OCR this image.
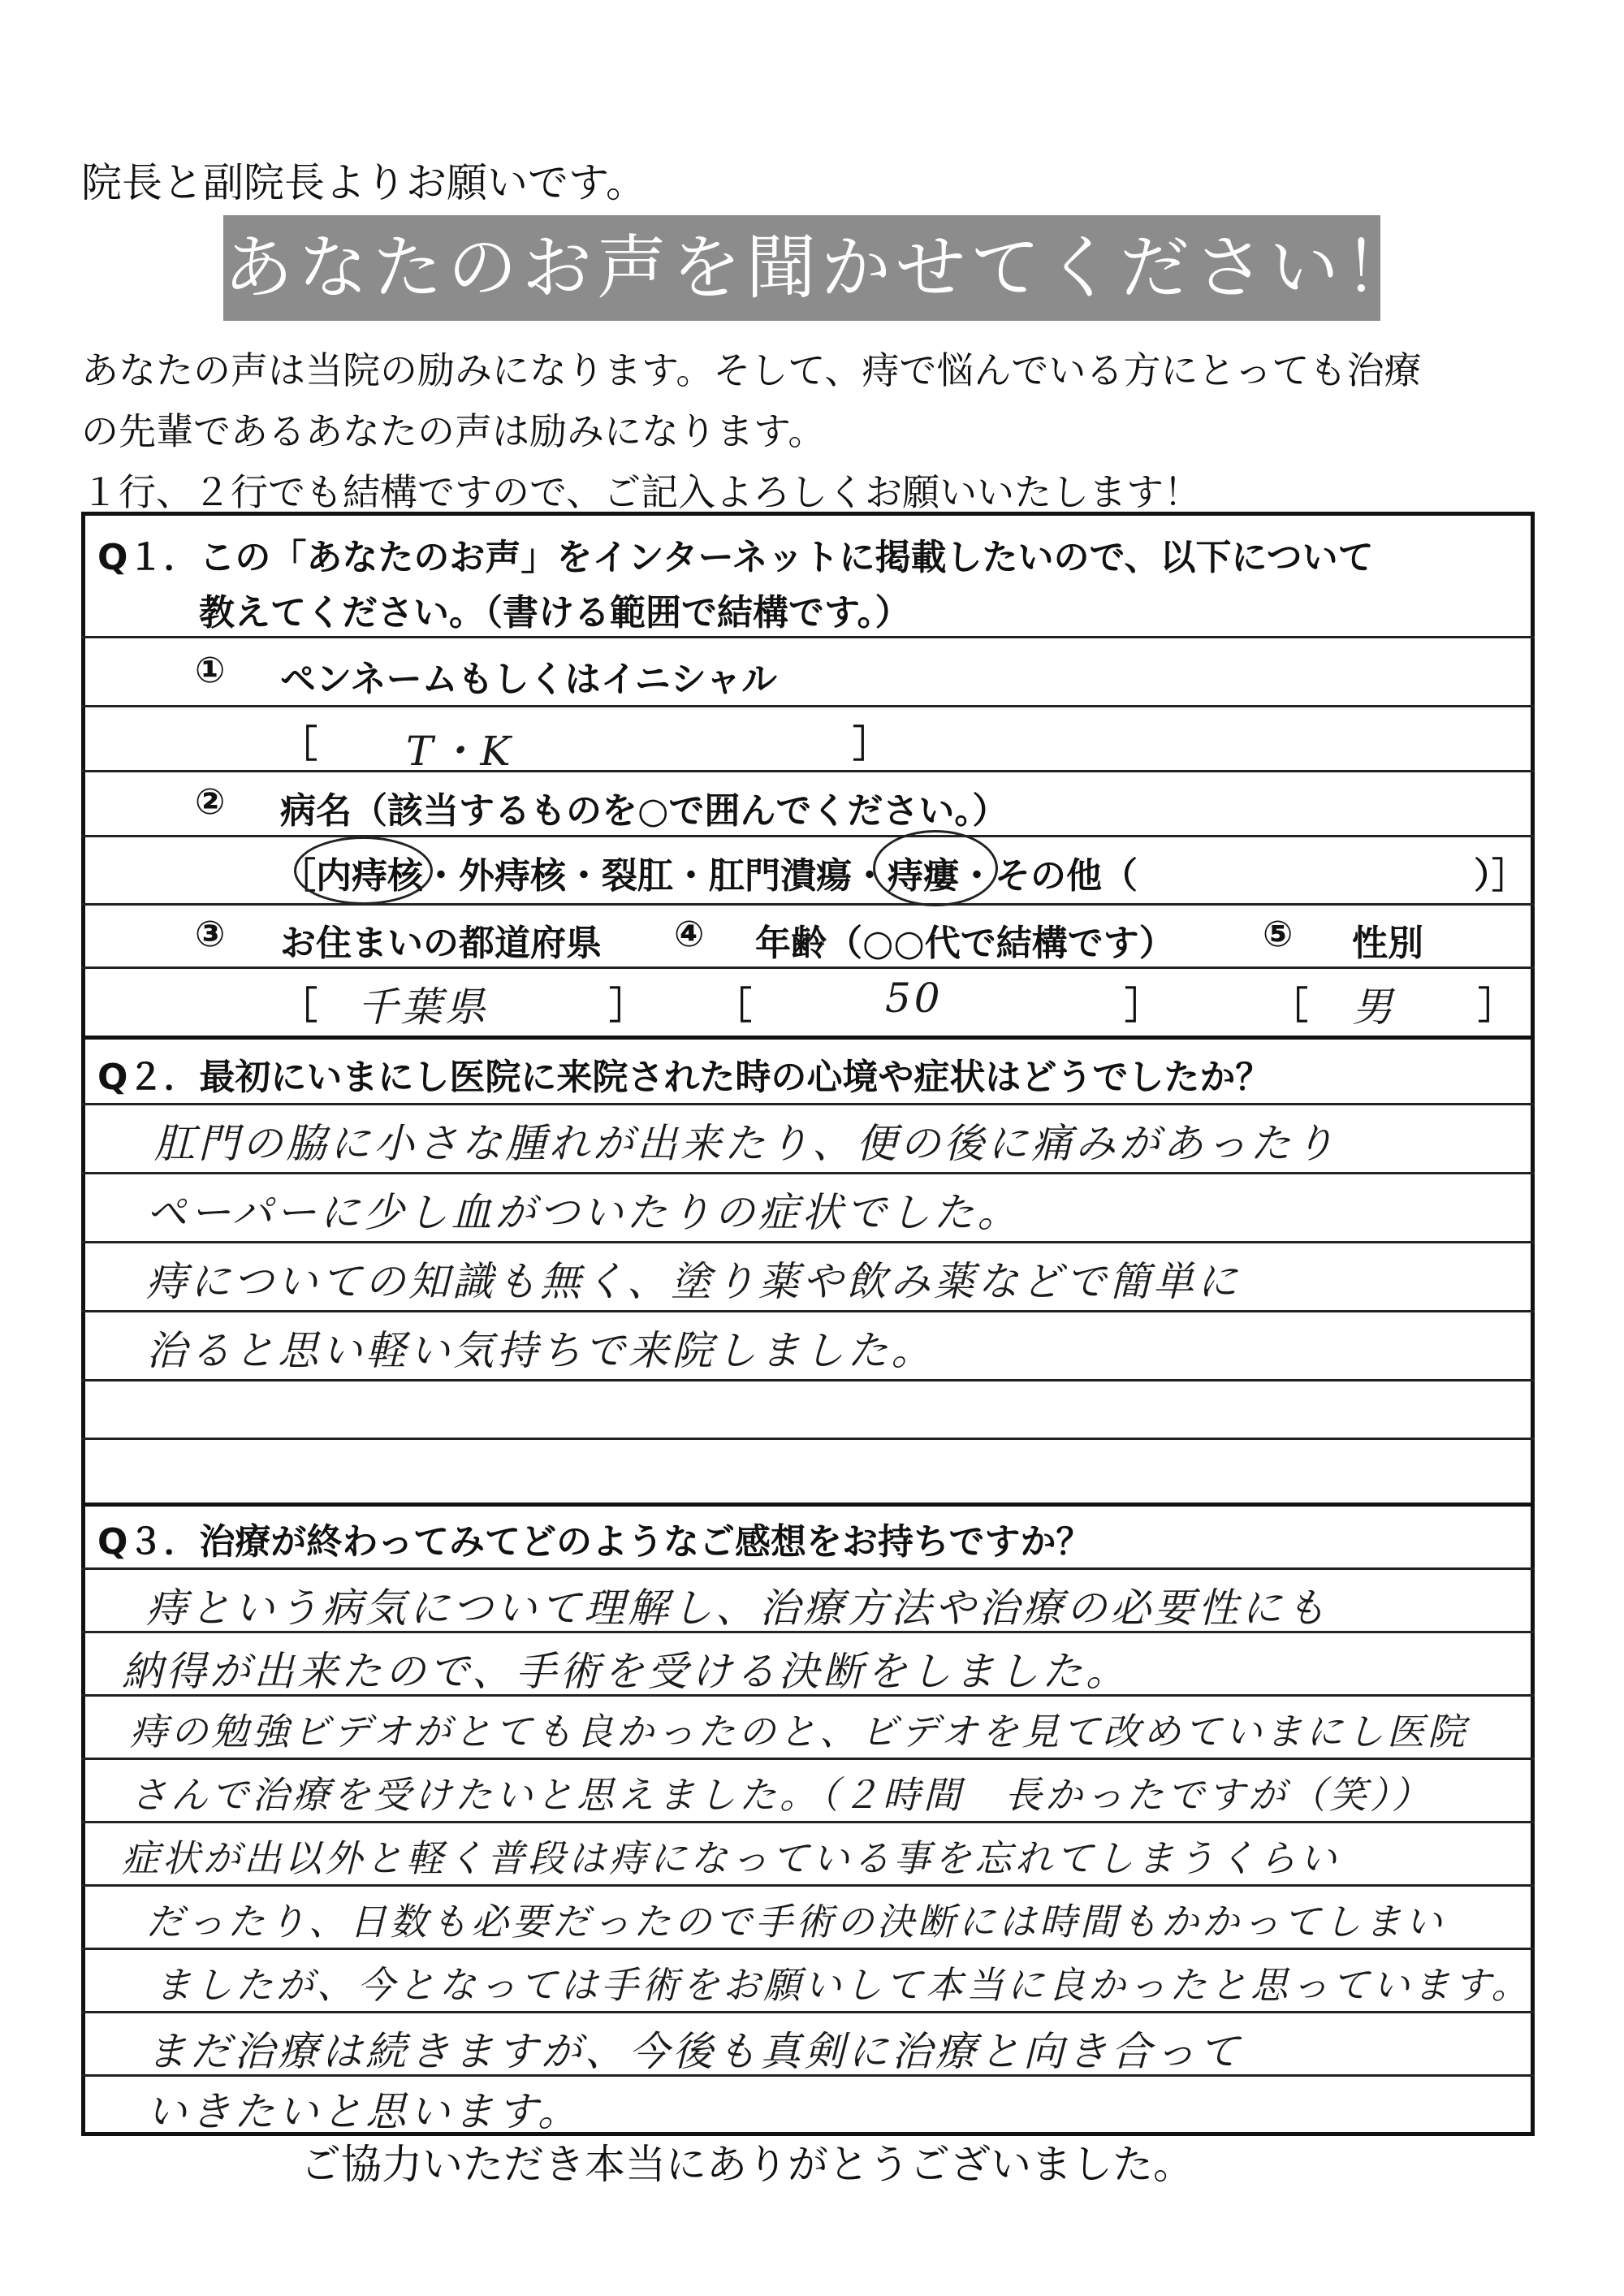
院長と副院長よりお願いです。
あなたのお声を聞かせてください！
あなたの声は当院の励みになります。そして、痔で悩んでいる方にとっても治療
の先輩であるあなたの声は励みになります。
１行、２行でも結構ですので、ご記入よろしくお願いいたします！
Q１．この「あなたのお声」をインターネットに掲載したいので、以下について
教えてください。（書ける範囲で結構です。）
① ペンネームもしくはイニシャル
［ T・K	］
② 病名（該当するものを○で囲んでください。）
［内痔核・外痔核・裂肛・肛門潰瘍・痔瘻・その他（	）］
③ お住まいの都道府県 ④ 年齢（○○代で結構です） ⑤ 性別
［ 千葉県	］ ［	50	］	［ 男 ］
Q２．最初にいまにし医院に来院された時の心境や症状はどうでしたか？
肛門の脇に小さな腫れが出来たり、便の後に痛みがあったり
ペーパーに少し血がついたりの症状でした。
痔についての知識も無く、塗り薬や飲み薬などで簡単に
治ると思い軽い気持ちで来院しました。
Q３．治療が終わってみてどのようなご感想をお持ちですか？
痔という病気について理解し、治療方法や治療の必要性にも
納得が出来たので、手術を受ける決断をしました。
痔の勉強ビデオがとても良かったのと、ビデオを見て改めていまにし医院
さんで治療を受けたいと思えました。（２時間　長かったですが（笑））
症状が出以外と軽く普段は痔になっている事を忘れてしまうくらい
だったり、日数も必要だったので手術の決断には時間もかかってしまい
ましたが、今となっては手術をお願いして本当に良かったと思っています。
まだ治療は続きますが、今後も真剣に治療と向き合って
いきたいと思います。
ご協力いただき本当にありがとうございました。
